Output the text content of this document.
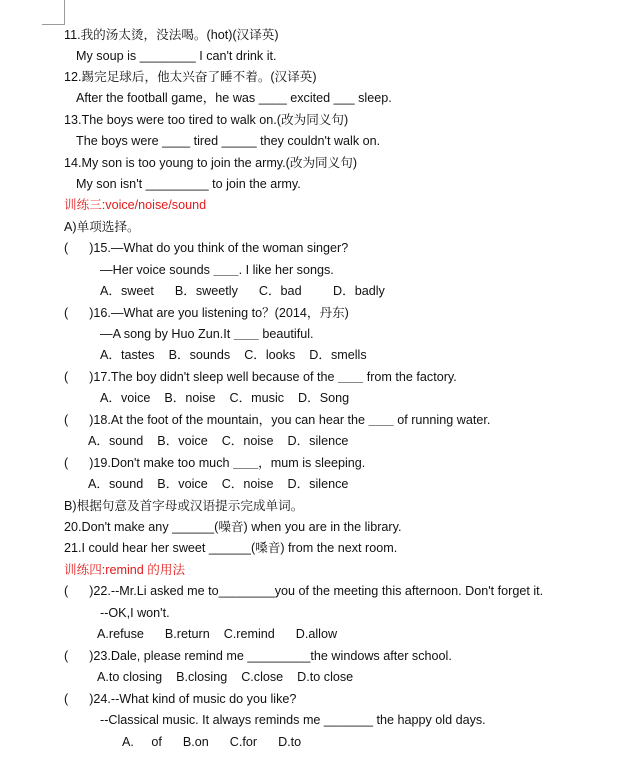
11.我的汤太烫，没法喝。(hot)(汉译英)
My soup is ________ I can't drink it.
12.踢完足球后，他太兴奋了睡不着。(汉译英)
After the football game，he was ____ excited ___ sleep.
13.The boys were too tired to walk on.(改为同义句)
The boys were ____ tired _____ they couldn't walk on.
14.My son is too young to join the army.(改为同义句)
My son isn't _________ to join the army.
训练三:voice/noise/sound
A)单项选择。
(      )15.—What do you think of the woman singer?
—Her voice sounds ＿＿. I like her songs.
A．sweet      B．sweetly      C．bad         D．badly
(      )16.—What are you listening to？(2014，丹东)
—A song by Huo Zun.It ＿＿ beautiful.
A．tastes    B．sounds    C．looks    D．smells
(      )17.The boy didn't sleep well because of the ＿＿ from the factory.
A．voice    B．noise    C．music    D．Song
(      )18.At the foot of the mountain，you can hear the ＿＿ of running water.
A．sound    B．voice    C．noise    D．silence
(      )19.Don't make too much ＿＿，mum is sleeping.
A．sound    B．voice    C．noise    D．silence
B)根据句意及首字母或汉语提示完成单词。
20.Don't make any ______(噪音) when you are in the library.
21.I could hear her sweet ______(嗓音) from the next room.
训练四:remind 的用法
(      )22.--Mr.Li asked me to________you of the meeting this afternoon. Don't forget it.
--OK,I won't.
A.refuse      B.return    C.remind      D.allow
(      )23.Dale, please remind me _________the windows after school.
A.to closing    B.closing    C.close    D.to close
(      )24.--What kind of music do you like?
--Classical music. It always reminds me _______ the happy old days.
A.     of      B.on      C.for      D.to
